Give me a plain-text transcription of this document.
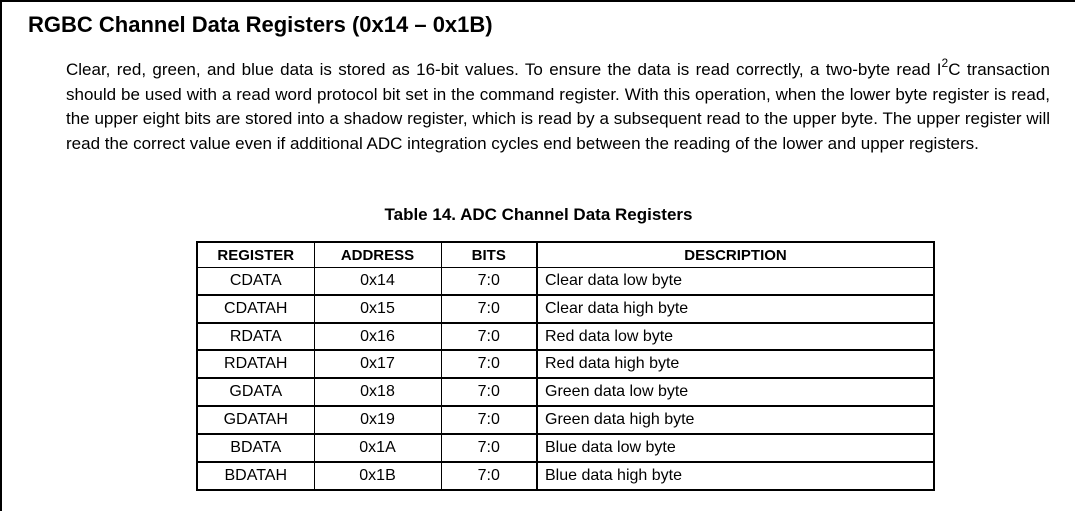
RGBC Channel Data Registers (0x14 – 0x1B)

Clear, red, green, and blue data is stored as 16-bit values. To ensure the data is read correctly, a two-byte read $I^2C$ transaction should be used with a read word protocol bit set in the command register. With this operation, when the lower byte register is read, the upper eight bits are stored into a shadow register, which is read by a subsequent read to the upper byte. The upper register will read the correct value even if additional ADC integration cycles end between the reading of the lower and upper registers.

Table 14. ADC Channel Data Registers
REGISTER	ADDRESS	BITS	DESCRIPTION
CDATA	0x14	7:0	Clear data low byte
CDATAH	0x15	7:0	Clear data high byte
RDATA	0x16	7:0	Red data low byte
RDATAH	0x17	7:0	Red data high byte
GDATA	0x18	7:0	Green data low byte
GDATAH	0x19	7:0	Green data high byte
BDATA	0x1A	7:0	Blue data low byte
BDATAH	0x1B	7:0	Blue data high byte
